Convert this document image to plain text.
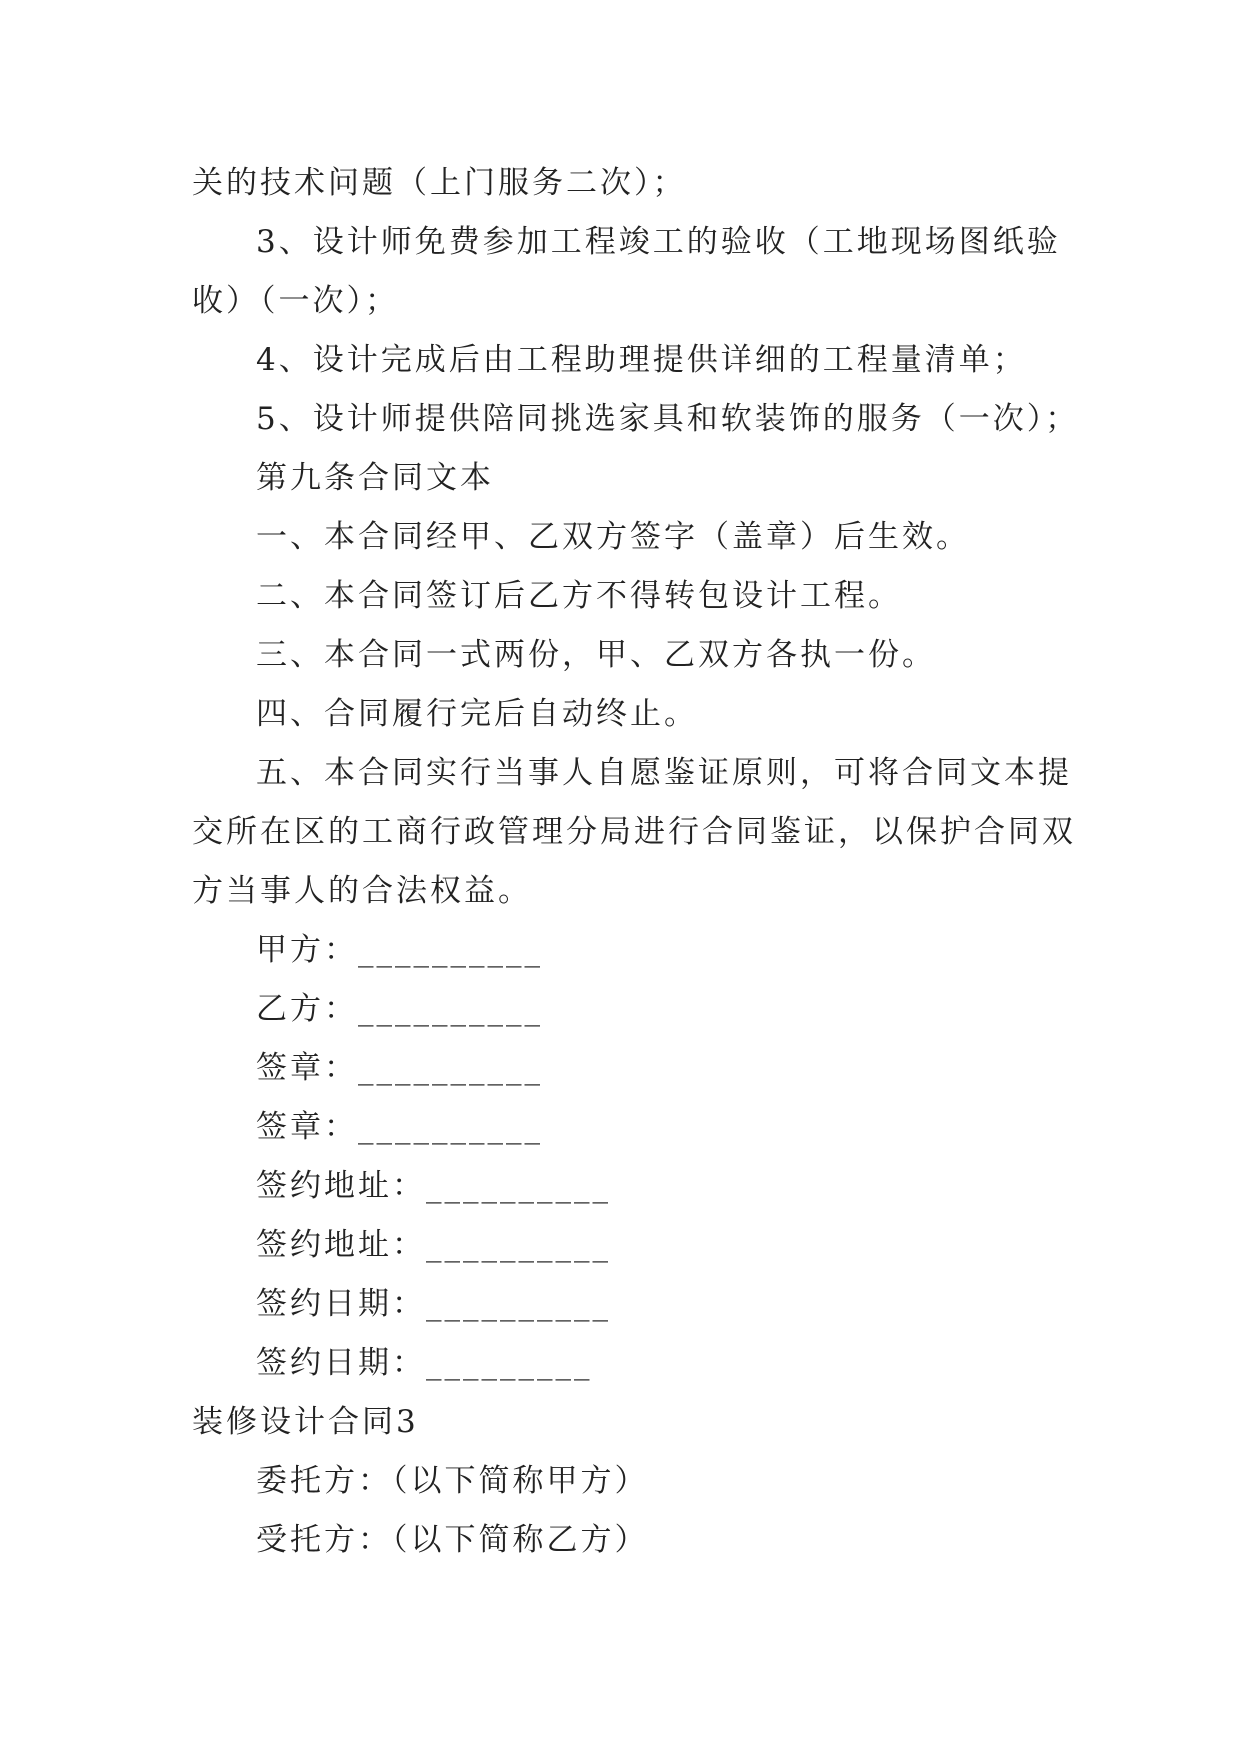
关的技术问题（上门服务二次）；
3、设计师免费参加工程竣工的验收（工地现场图纸验
收）（一次）；
4、设计完成后由工程助理提供详细的工程量清单；
5、设计师提供陪同挑选家具和软装饰的服务（一次）；
第九条合同文本
一、本合同经甲、乙双方签字（盖章）后生效。
二、本合同签订后乙方不得转包设计工程。
三、本合同一式两份，甲、乙双方各执一份。
四、合同履行完后自动终止。
五、本合同实行当事人自愿鉴证原则，可将合同文本提
交所在区的工商行政管理分局进行合同鉴证，以保护合同双
方当事人的合法权益。
甲方：__________
乙方：__________
签章：__________
签章：__________
签约地址：__________
签约地址：__________
签约日期：__________
签约日期：_________
装修设计合同3
委托方：（以下简称甲方）
受托方：（以下简称乙方）
